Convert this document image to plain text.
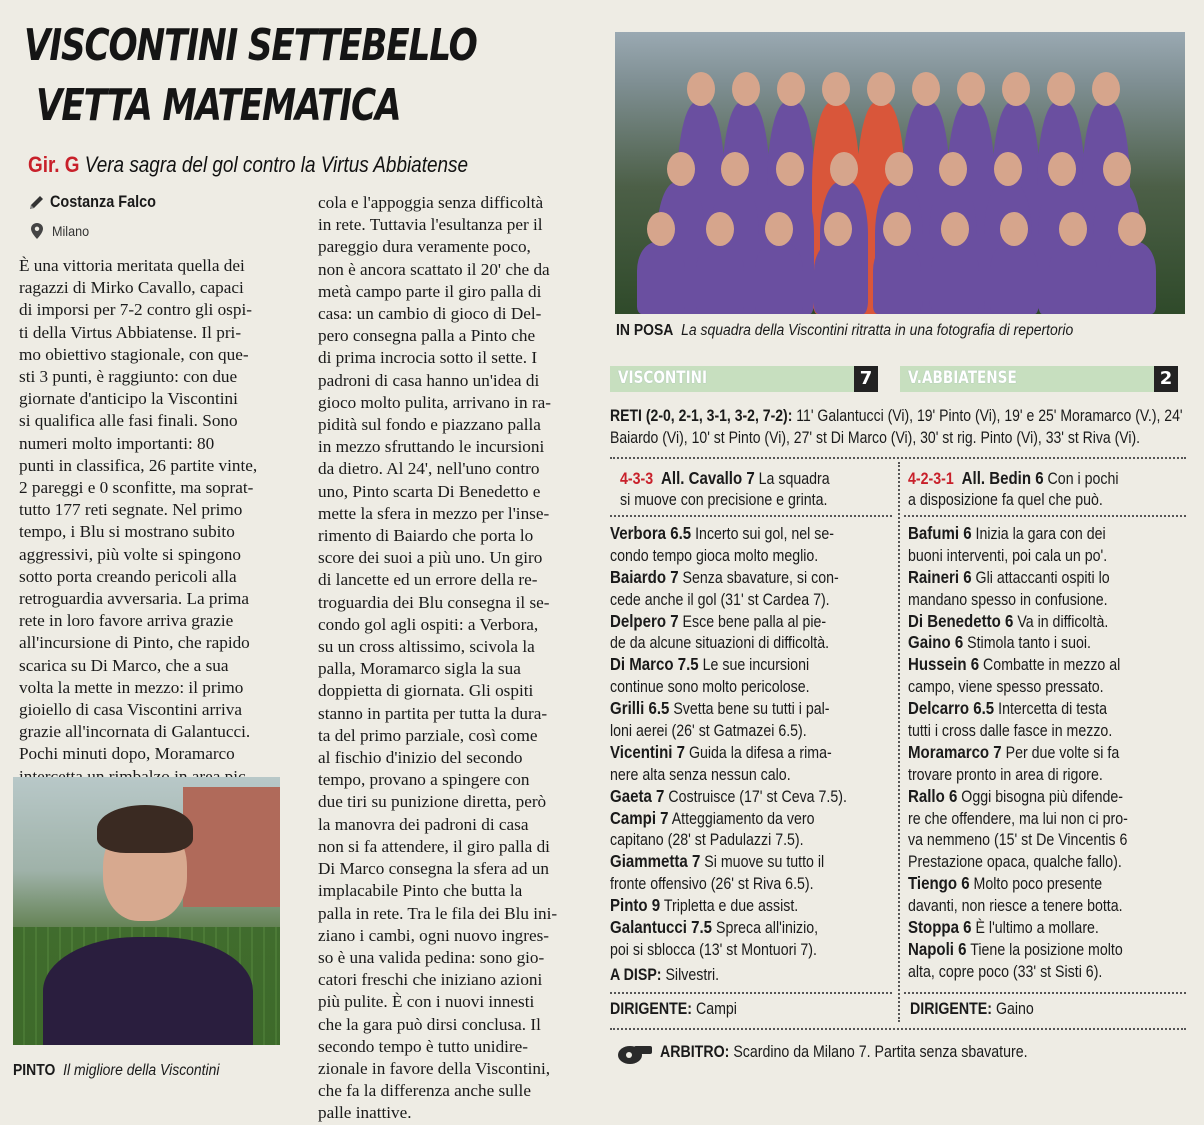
VISCONTINI SETTEBELLO
VETTA MATEMATICA
Gir. G Vera sagra del gol contro la Virtus Abbiatense
Costanza Falco
Milano

È una vittoria meritata quella dei

ragazzi di Mirko Cavallo, capaci

di imporsi per 7-2 contro gli ospi-

ti della Virtus Abbiatense. Il pri-

mo obiettivo stagionale, con que-

sti 3 punti, è raggiunto: con due

giornate d'anticipo la Viscontini

si qualifica alle fasi finali. Sono

numeri molto importanti: 80

punti in classifica, 26 partite vinte,

2 pareggi e 0 sconfitte, ma soprat-

tutto 177 reti segnate. Nel primo

tempo, i Blu si mostrano subito

aggressivi, più volte si spingono

sotto porta creando pericoli alla

retroguardia avversaria. La prima

rete in loro favore arriva grazie

all'incursione di Pinto, che rapido

scarica su Di Marco, che a sua

volta la mette in mezzo: il primo

gioiello di casa Viscontini arriva

grazie all'incornata di Galantucci.

Pochi minuti dopo, Moramarco

cola e l'appoggia senza difficoltà

in rete. Tuttavia l'esultanza per il

pareggio dura veramente poco,

non è ancora scattato il 20' che da

metà campo parte il giro palla di

casa: un cambio di gioco di Del-

pero consegna palla a Pinto che

di prima incrocia sotto il sette. I

padroni di casa hanno un'idea di

gioco molto pulita, arrivano in ra-

pidità sul fondo e piazzano palla

in mezzo sfruttando le incursioni

da dietro. Al 24', nell'uno contro

uno, Pinto scarta Di Benedetto e

mette la sfera in mezzo per l'inse-

rimento di Baiardo che porta lo

score dei suoi a più uno. Un giro

di lancette ed un errore della re-

troguardia dei Blu consegna il se-

condo gol agli ospiti: a Verbora,

su un cross altissimo, scivola la

palla, Moramarco sigla la sua

doppietta di giornata. Gli ospiti

stanno in partita per tutta la dura-

ta del primo parziale, così come

al fischio d'inizio del secondo

tempo, provano a spingere con

due tiri su punizione diretta, però

la manovra dei padroni di casa

non si fa attendere, il giro palla di

Di Marco consegna la sfera ad un

implacabile Pinto che butta la

palla in rete. Tra le fila dei Blu ini-

ziano i cambi, ogni nuovo ingres-

so è una valida pedina: sono gio-

catori freschi che iniziano azioni

più pulite. È con i nuovi innesti

che la gara può dirsi conclusa. Il

secondo tempo è tutto unidire-

zionale in favore della Viscontini,

che fa la differenza anche sulle

palle inattive.

PINTO Il migliore della Viscontini
IN POSA La squadra della Viscontini ritratta in una fotografia di repertorio
VISCONTINI	7	V.ABBIATENSE	2
RETI (2-0, 2-1, 3-1, 3-2, 7-2): 11' Galantucci (Vi), 19' Pinto (Vi), 19' e 25' Moramarco (V.), 24'
Baiardo (Vi), 10' st Pinto (Vi), 27' st Di Marco (Vi), 30' st rig. Pinto (Vi), 33' st Riva (Vi).
4-3-3 All. Cavallo 7 La squadra
si muove con precisione e grinta.
Verbora 6.5 Incerto sui gol, nel se-
condo tempo gioca molto meglio.
Baiardo 7 Senza sbavature, si con-
cede anche il gol (31' st Cardea 7).
Delpero 7 Esce bene palla al pie-
de da alcune situazioni di difficoltà.
Di Marco 7.5 Le sue incursioni
continue sono molto pericolose.
Grilli 6.5 Svetta bene su tutti i pal-
loni aerei (26' st Gatmazei 6.5).
Vicentini 7 Guida la difesa a rima-
nere alta senza nessun calo.
Gaeta 7 Costruisce (17' st Ceva 7.5).
Campi 7 Atteggiamento da vero
capitano (28' st Padulazzi 7.5).
Giammetta 7 Si muove su tutto il
fronte offensivo (26' st Riva 6.5).
Pinto 9 Tripletta e due assist.
Galantucci 7.5 Spreca all'inizio,
poi si sblocca (13' st Montuori 7).
A DISP: Silvestri.
DIRIGENTE: Campi
4-2-3-1 All. Bedin 6 Con i pochi
a disposizione fa quel che può.
Bafumi 6 Inizia la gara con dei
buoni interventi, poi cala un po'.
Raineri 6 Gli attaccanti ospiti lo
mandano spesso in confusione.
Di Benedetto 6 Va in difficoltà.
Gaino 6 Stimola tanto i suoi.
Hussein 6 Combatte in mezzo al
campo, viene spesso pressato.
Delcarro 6.5 Intercetta di testa
tutti i cross dalle fasce in mezzo.
Moramarco 7 Per due volte si fa
trovare pronto in area di rigore.
Rallo 6 Oggi bisogna più difende-
re che offendere, ma lui non ci pro-
va nemmeno (15' st De Vincentis 6
Prestazione opaca, qualche fallo).
Tiengo 6 Molto poco presente
davanti, non riesce a tenere botta.
Stoppa 6 È l'ultimo a mollare.
Napoli 6 Tiene la posizione molto
alta, copre poco (33' st Sisti 6).
DIRIGENTE: Gaino
ARBITRO: Scardino da Milano 7. Partita senza sbavature.
